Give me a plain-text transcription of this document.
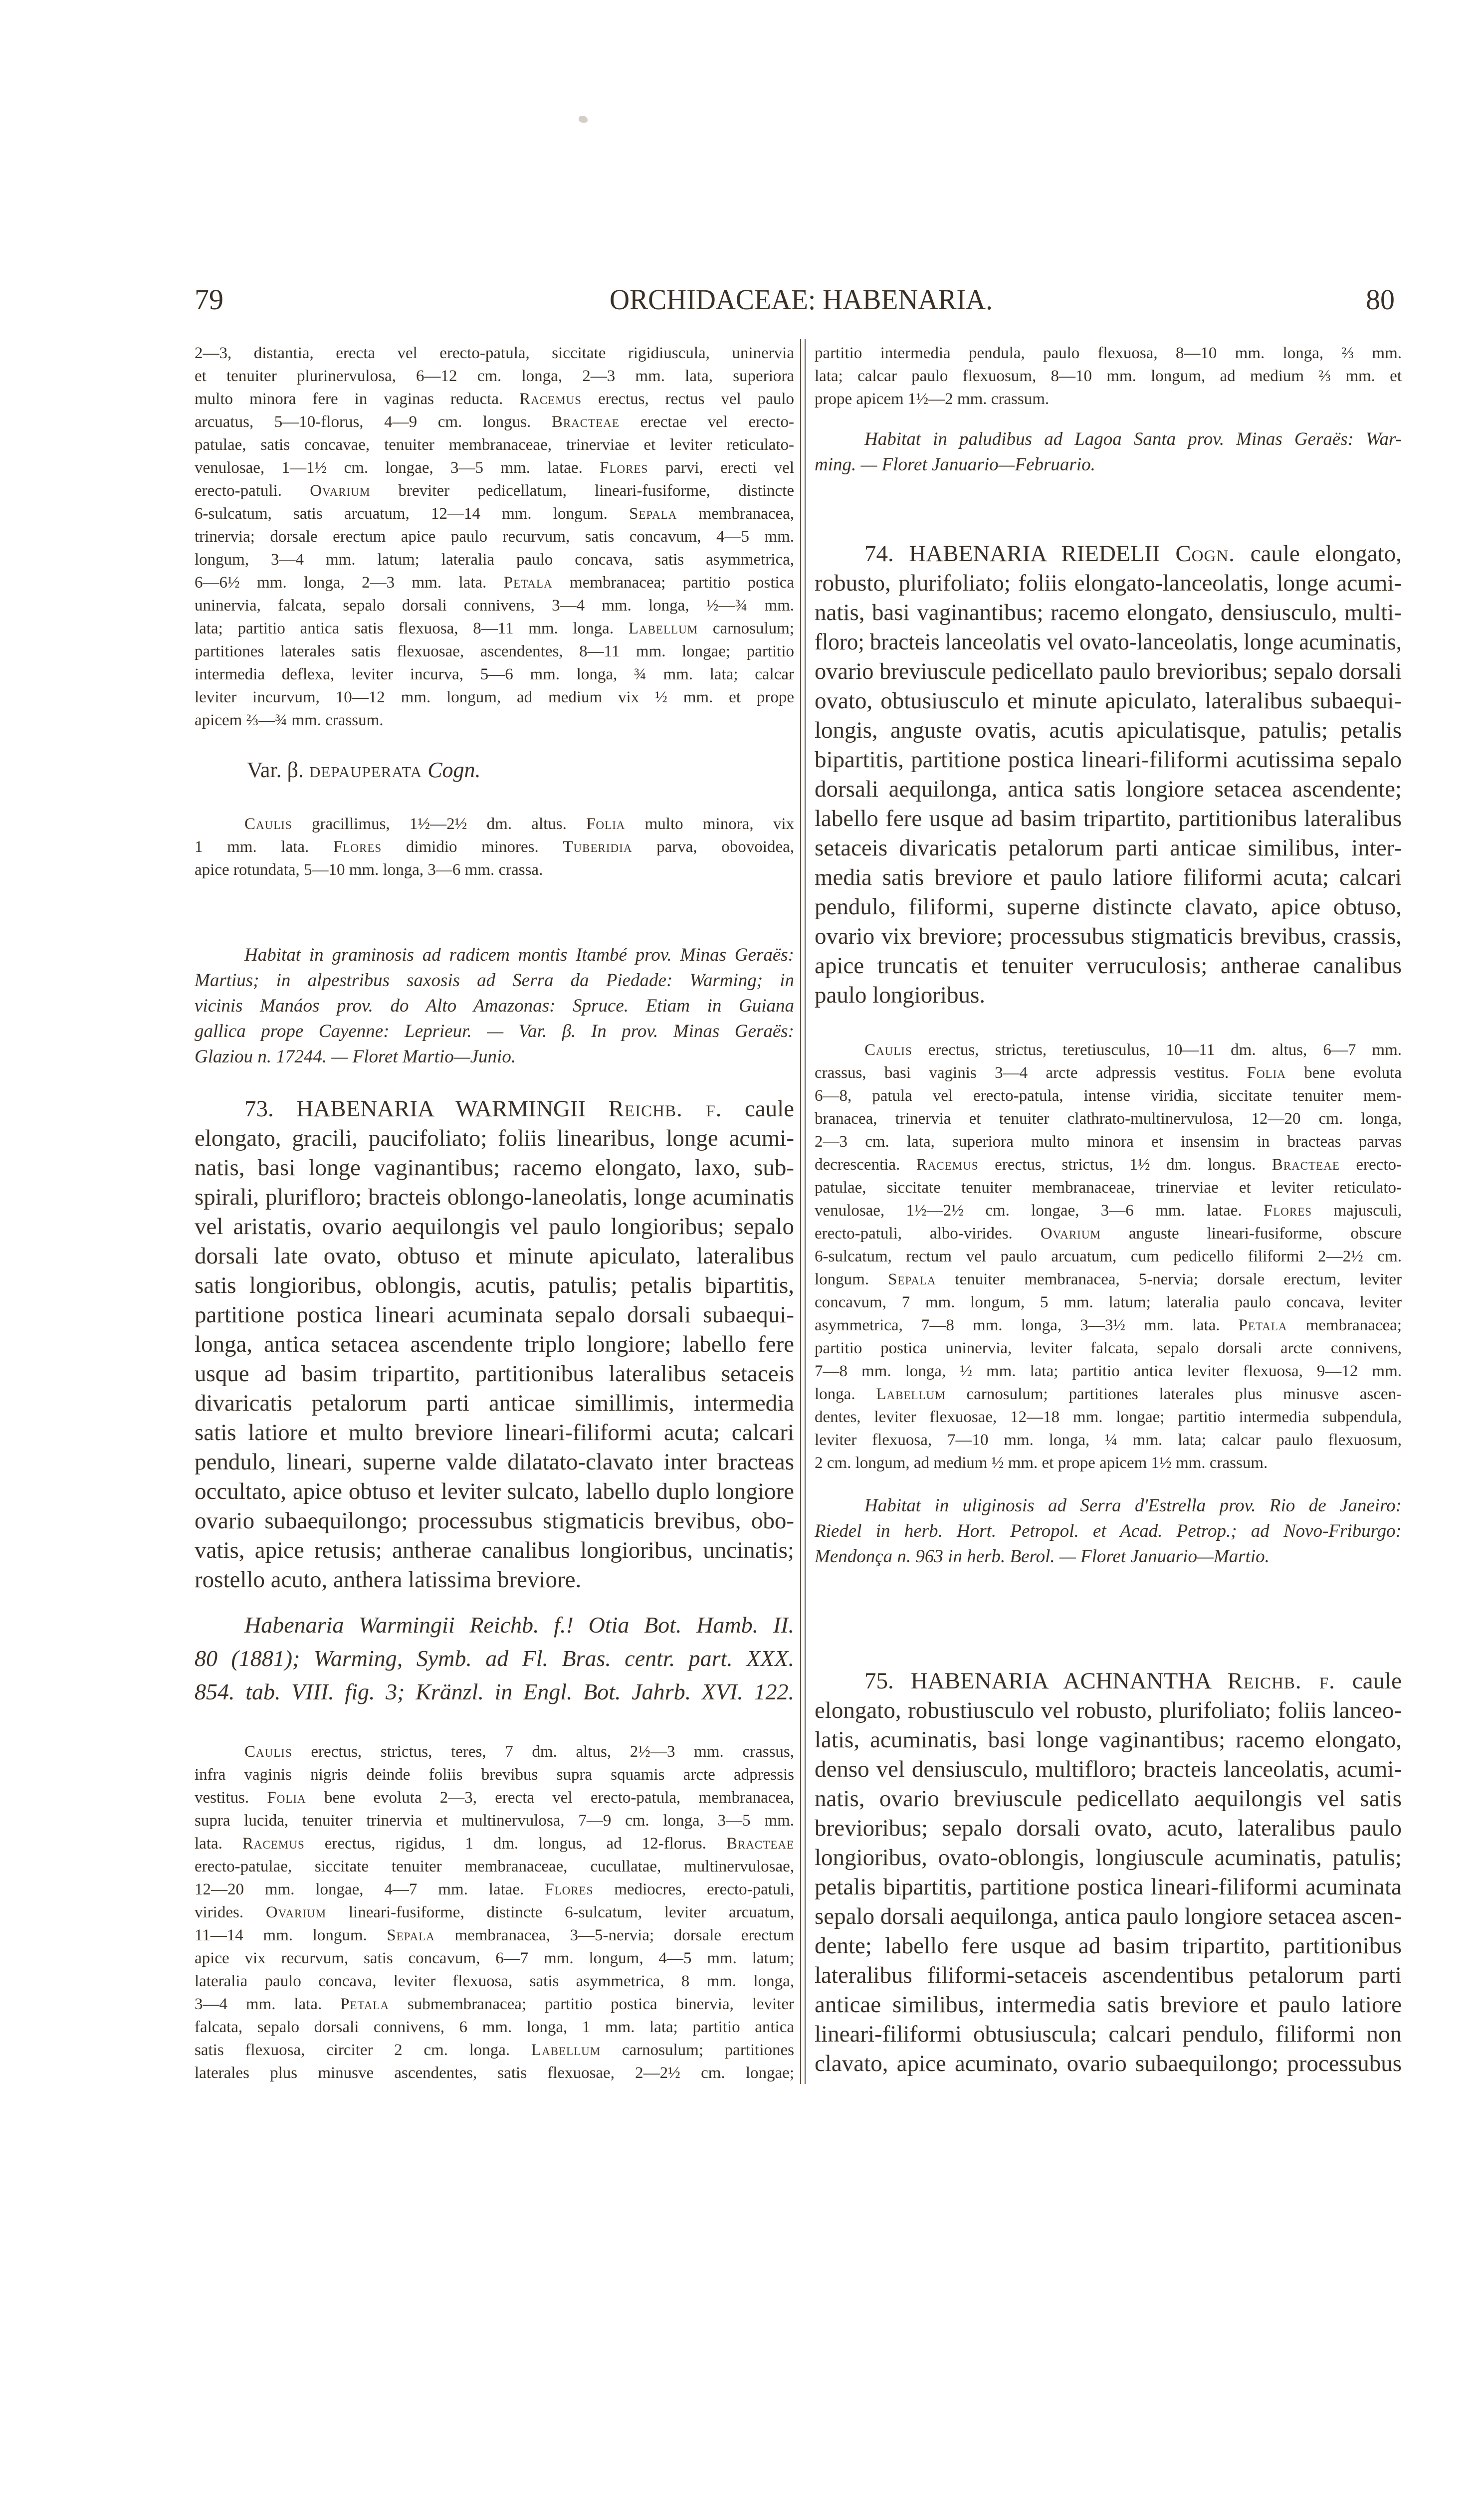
79	ORCHIDACEAE: HABENARIA.	80
2—3, distantia, erecta vel erecto-patula, siccitate rigidiuscula, uninervia
et tenuiter plurinervulosa, 6—12 cm. longa, 2—3 mm. lata, superiora
multo minora fere in vaginas reducta. Racemus erectus, rectus vel paulo
arcuatus, 5—10-florus, 4—9 cm. longus. Bracteae erectae vel erecto-
patulae, satis concavae, tenuiter membranaceae, trinerviae et leviter reticulato-
venulosae, 1—1½ cm. longae, 3—5 mm. latae. Flores parvi, erecti vel
erecto-patuli. Ovarium breviter pedicellatum, lineari-fusiforme, distincte
6-sulcatum, satis arcuatum, 12—14 mm. longum. Sepala membranacea,
trinervia; dorsale erectum apice paulo recurvum, satis concavum, 4—5 mm.
longum, 3—4 mm. latum; lateralia paulo concava, satis asymmetrica,
6—6½ mm. longa, 2—3 mm. lata. Petala membranacea; partitio postica
uninervia, falcata, sepalo dorsali connivens, 3—4 mm. longa, ½—¾ mm.
lata; partitio antica satis flexuosa, 8—11 mm. longa. Labellum carnosulum;
partitiones laterales satis flexuosae, ascendentes, 8—11 mm. longae; partitio
intermedia deflexa, leviter incurva, 5—6 mm. longa, ¾ mm. lata; calcar
leviter incurvum, 10—12 mm. longum, ad medium vix ½ mm. et prope
apicem ⅔—¾ mm. crassum.
Var. β. depauperata Cogn.
Caulis gracillimus, 1½—2½ dm. altus. Folia multo minora, vix
1 mm. lata. Flores dimidio minores. Tuberidia parva, obovoidea,
apice rotundata, 5—10 mm. longa, 3—6 mm. crassa.
Habitat in graminosis ad radicem montis Itambé prov. Minas Geraës:
Martius; in alpestribus saxosis ad Serra da Piedade: Warming; in
vicinis Manáos prov. do Alto Amazonas: Spruce. Etiam in Guiana
gallica prope Cayenne: Leprieur. — Var. β. In prov. Minas Geraës:
Glaziou n. 17244. — Floret Martio—Junio.
73. HABENARIA WARMINGII Reichb. f. caule
elongato, gracili, paucifoliato; foliis linearibus, longe acumi-
natis, basi longe vaginantibus; racemo elongato, laxo, sub-
spirali, plurifloro; bracteis oblongo-laneolatis, longe acuminatis
vel aristatis, ovario aequilongis vel paulo longioribus; sepalo
dorsali late ovato, obtuso et minute apiculato, lateralibus
satis longioribus, oblongis, acutis, patulis; petalis bipartitis,
partitione postica lineari acuminata sepalo dorsali subaequi-
longa, antica setacea ascendente triplo longiore; labello fere
usque ad basim tripartito, partitionibus lateralibus setaceis
divaricatis petalorum parti anticae simillimis, intermedia
satis latiore et multo breviore lineari-filiformi acuta; calcari
pendulo, lineari, superne valde dilatato-clavato inter bracteas
occultato, apice obtuso et leviter sulcato, labello duplo longiore
ovario subaequilongo; processubus stigmaticis brevibus, obo-
vatis, apice retusis; antherae canalibus longioribus, uncinatis;
rostello acuto, anthera latissima breviore.
Habenaria Warmingii Reichb. f.! Otia Bot. Hamb. II.
80 (1881); Warming, Symb. ad Fl. Bras. centr. part. XXX.
854. tab. VIII. fig. 3; Kränzl. in Engl. Bot. Jahrb. XVI. 122.
Caulis erectus, strictus, teres, 7 dm. altus, 2½—3 mm. crassus,
infra vaginis nigris deinde foliis brevibus supra squamis arcte adpressis
vestitus. Folia bene evoluta 2—3, erecta vel erecto-patula, membranacea,
supra lucida, tenuiter trinervia et multinervulosa, 7—9 cm. longa, 3—5 mm.
lata. Racemus erectus, rigidus, 1 dm. longus, ad 12-florus. Bracteae
erecto-patulae, siccitate tenuiter membranaceae, cucullatae, multinervulosae,
12—20 mm. longae, 4—7 mm. latae. Flores mediocres, erecto-patuli,
virides. Ovarium lineari-fusiforme, distincte 6-sulcatum, leviter arcuatum,
11—14 mm. longum. Sepala membranacea, 3—5-nervia; dorsale erectum
apice vix recurvum, satis concavum, 6—7 mm. longum, 4—5 mm. latum;
lateralia paulo concava, leviter flexuosa, satis asymmetrica, 8 mm. longa,
3—4 mm. lata. Petala submembranacea; partitio postica binervia, leviter
falcata, sepalo dorsali connivens, 6 mm. longa, 1 mm. lata; partitio antica
satis flexuosa, circiter 2 cm. longa. Labellum carnosulum; partitiones
laterales plus minusve ascendentes, satis flexuosae, 2—2½ cm. longae;
partitio intermedia pendula, paulo flexuosa, 8—10 mm. longa, ⅔ mm.
lata; calcar paulo flexuosum, 8—10 mm. longum, ad medium ⅔ mm. et
prope apicem 1½—2 mm. crassum.
Habitat in paludibus ad Lagoa Santa prov. Minas Geraës: War-
ming. — Floret Januario—Februario.
74. HABENARIA RIEDELII Cogn. caule elongato,
robusto, plurifoliato; foliis elongato-lanceolatis, longe acumi-
natis, basi vaginantibus; racemo elongato, densiusculo, multi-
floro; bracteis lanceolatis vel ovato-lanceolatis, longe acuminatis,
ovario breviuscule pedicellato paulo brevioribus; sepalo dorsali
ovato, obtusiusculo et minute apiculato, lateralibus subaequi-
longis, anguste ovatis, acutis apiculatisque, patulis; petalis
bipartitis, partitione postica lineari-filiformi acutissima sepalo
dorsali aequilonga, antica satis longiore setacea ascendente;
labello fere usque ad basim tripartito, partitionibus lateralibus
setaceis divaricatis petalorum parti anticae similibus, inter-
media satis breviore et paulo latiore filiformi acuta; calcari
pendulo, filiformi, superne distincte clavato, apice obtuso,
ovario vix breviore; processubus stigmaticis brevibus, crassis,
apice truncatis et tenuiter verruculosis; antherae canalibus
paulo longioribus.
Caulis erectus, strictus, teretiusculus, 10—11 dm. altus, 6—7 mm.
crassus, basi vaginis 3—4 arcte adpressis vestitus. Folia bene evoluta
6—8, patula vel erecto-patula, intense viridia, siccitate tenuiter mem-
branacea, trinervia et tenuiter clathrato-multinervulosa, 12—20 cm. longa,
2—3 cm. lata, superiora multo minora et insensim in bracteas parvas
decrescentia. Racemus erectus, strictus, 1½ dm. longus. Bracteae erecto-
patulae, siccitate tenuiter membranaceae, trinerviae et leviter reticulato-
venulosae, 1½—2½ cm. longae, 3—6 mm. latae. Flores majusculi,
erecto-patuli, albo-virides. Ovarium anguste lineari-fusiforme, obscure
6-sulcatum, rectum vel paulo arcuatum, cum pedicello filiformi 2—2½ cm.
longum. Sepala tenuiter membranacea, 5-nervia; dorsale erectum, leviter
concavum, 7 mm. longum, 5 mm. latum; lateralia paulo concava, leviter
asymmetrica, 7—8 mm. longa, 3—3½ mm. lata. Petala membranacea;
partitio postica uninervia, leviter falcata, sepalo dorsali arcte connivens,
7—8 mm. longa, ½ mm. lata; partitio antica leviter flexuosa, 9—12 mm.
longa. Labellum carnosulum; partitiones laterales plus minusve ascen-
dentes, leviter flexuosae, 12—18 mm. longae; partitio intermedia subpendula,
leviter flexuosa, 7—10 mm. longa, ¼ mm. lata; calcar paulo flexuosum,
2 cm. longum, ad medium ½ mm. et prope apicem 1½ mm. crassum.
Habitat in uliginosis ad Serra d'Estrella prov. Rio de Janeiro:
Riedel in herb. Hort. Petropol. et Acad. Petrop.; ad Novo-Friburgo:
Mendonça n. 963 in herb. Berol. — Floret Januario—Martio.
75. HABENARIA ACHNANTHA Reichb. f. caule
elongato, robustiusculo vel robusto, plurifoliato; foliis lanceo-
latis, acuminatis, basi longe vaginantibus; racemo elongato,
denso vel densiusculo, multifloro; bracteis lanceolatis, acumi-
natis, ovario breviuscule pedicellato aequilongis vel satis
brevioribus; sepalo dorsali ovato, acuto, lateralibus paulo
longioribus, ovato-oblongis, longiuscule acuminatis, patulis;
petalis bipartitis, partitione postica lineari-filiformi acuminata
sepalo dorsali aequilonga, antica paulo longiore setacea ascen-
dente; labello fere usque ad basim tripartito, partitionibus
lateralibus filiformi-setaceis ascendentibus petalorum parti
anticae similibus, intermedia satis breviore et paulo latiore
lineari-filiformi obtusiuscula; calcari pendulo, filiformi non
clavato, apice acuminato, ovario subaequilongo; processubus
